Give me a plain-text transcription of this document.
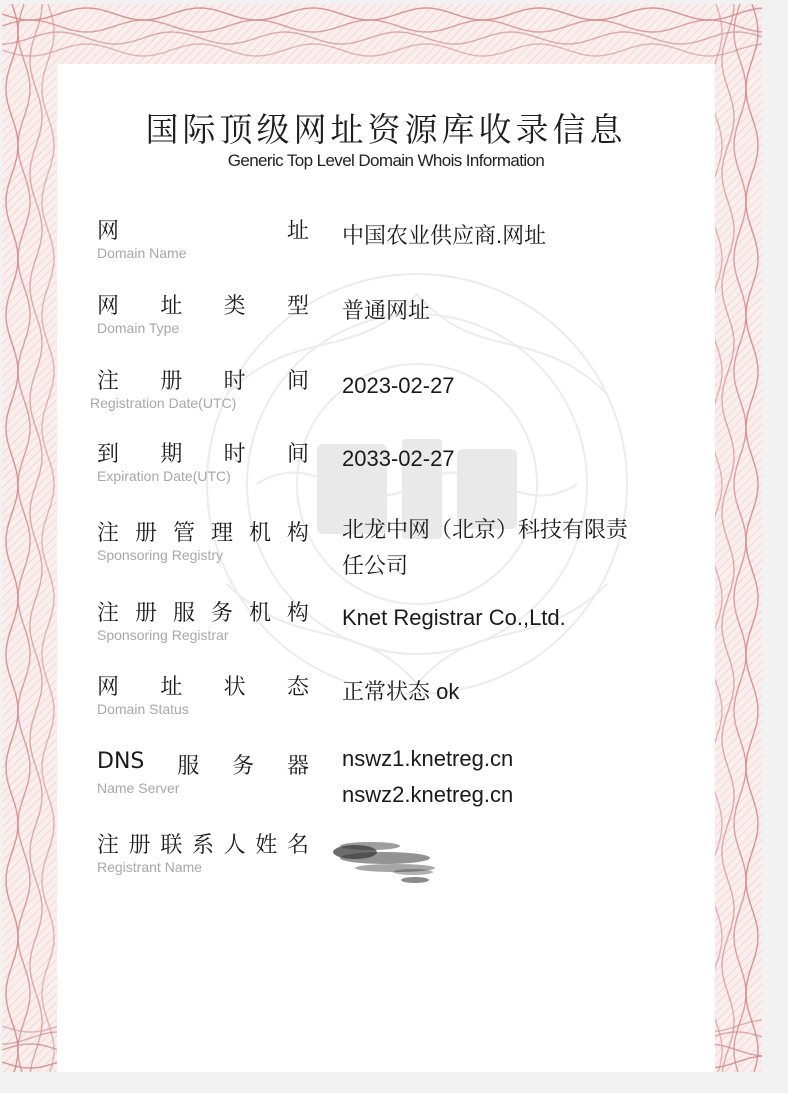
国际顶级网址资源库收录信息
Generic Top Level Domain Whois Information
网	址
Domain Name
中国农业供应商.网址
网 址 类 型
Domain Type
普通网址
注 册 时 间
Registration Date(UTC)
2023-02-27
到 期 时 间
Expiration Date(UTC)
2033-02-27
注 册 管 理 机 构
Sponsoring Registry
北龙中网（北京）科技有限责
任公司
注 册 服 务 机 构
Sponsoring Registrar
Knet Registrar Co.,Ltd.
网 址 状 态
Domain Status
正常状态 ok
DNS 服 务 器
Name Server
nswz1.knetreg.cn
nswz2.knetreg.cn
注 册 联 系 人 姓 名
Registrant Name
